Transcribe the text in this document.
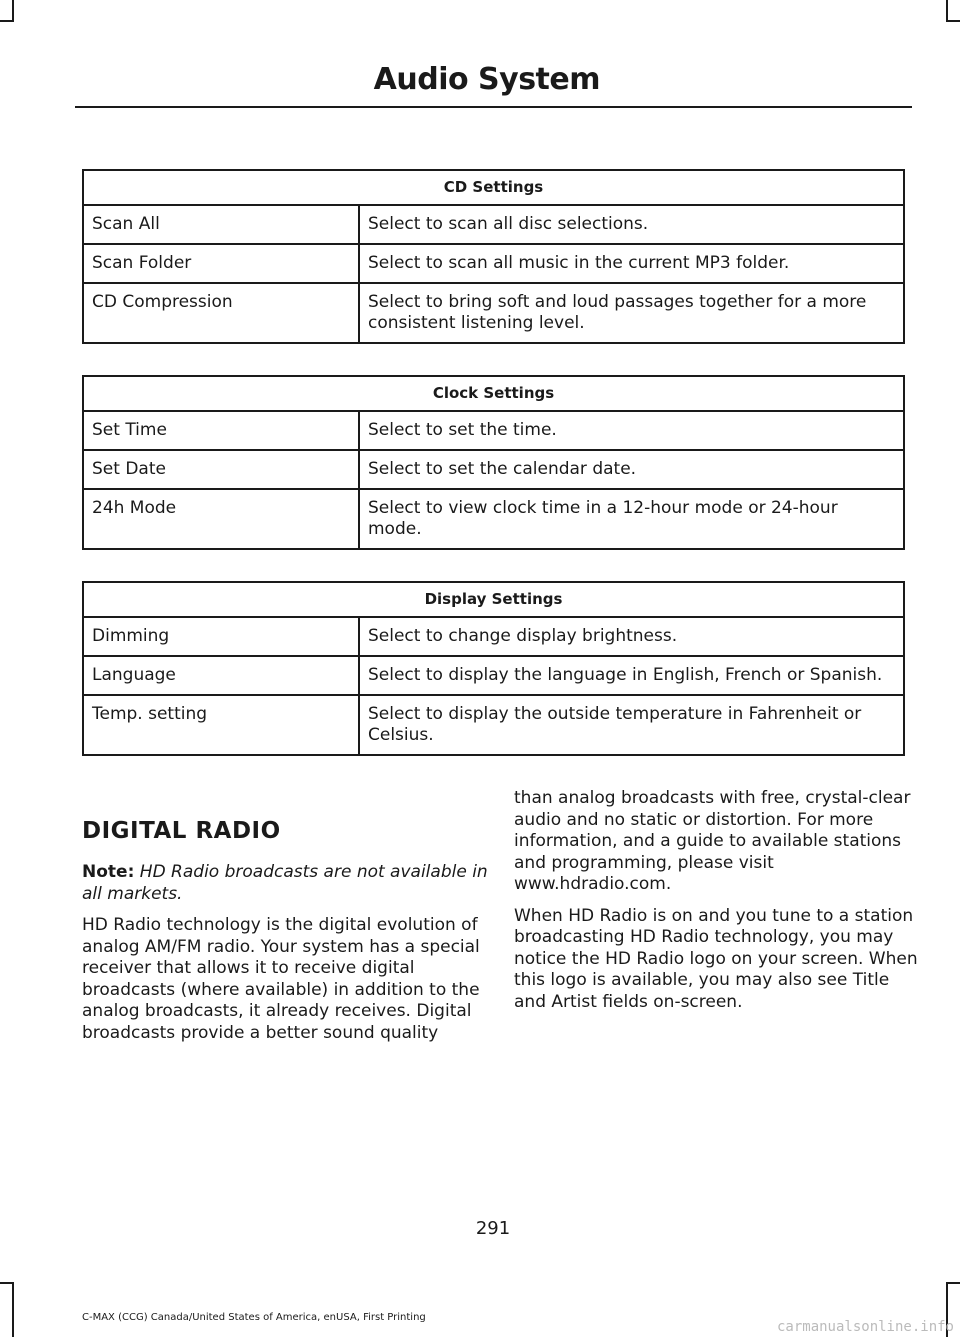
Audio System
CD Settings	
Scan All	Select to scan all disc selections.
Scan Folder	Select to scan all music in the current MP3 folder.
CD Compression	Select to bring soft and loud passages together for a more consistent listening level.
Clock Settings	
Set Time	Select to set the time.
Set Date	Select to set the calendar date.
24h Mode	Select to view clock time in a 12-hour mode or 24-hour mode.
Display Settings	
Dimming	Select to change display brightness.
Language	Select to display the language in English, French or Spanish.
Temp. setting	Select to display the outside temperature in Fahrenheit or Celsius.
DIGITAL RADIO

Note: HD Radio broadcasts are not available in all markets.

HD Radio technology is the digital evolution of analog AM/FM radio. Your system has a special receiver that allows it to receive digital broadcasts (where available) in addition to the analog broadcasts, it already receives. Digital broadcasts provide a better sound quality

than analog broadcasts with free, crystal-clear audio and no static or distortion. For more information, and a guide to available stations and programming, please visit www.hdradio.com.

When HD Radio is on and you tune to a station broadcasting HD Radio technology, you may notice the HD Radio logo on your screen. When this logo is available, you may also see Title and Artist fields on-screen.

291
C-MAX (CCG) Canada/United States of America, enUSA, First Printing
carmanualsonline.info
